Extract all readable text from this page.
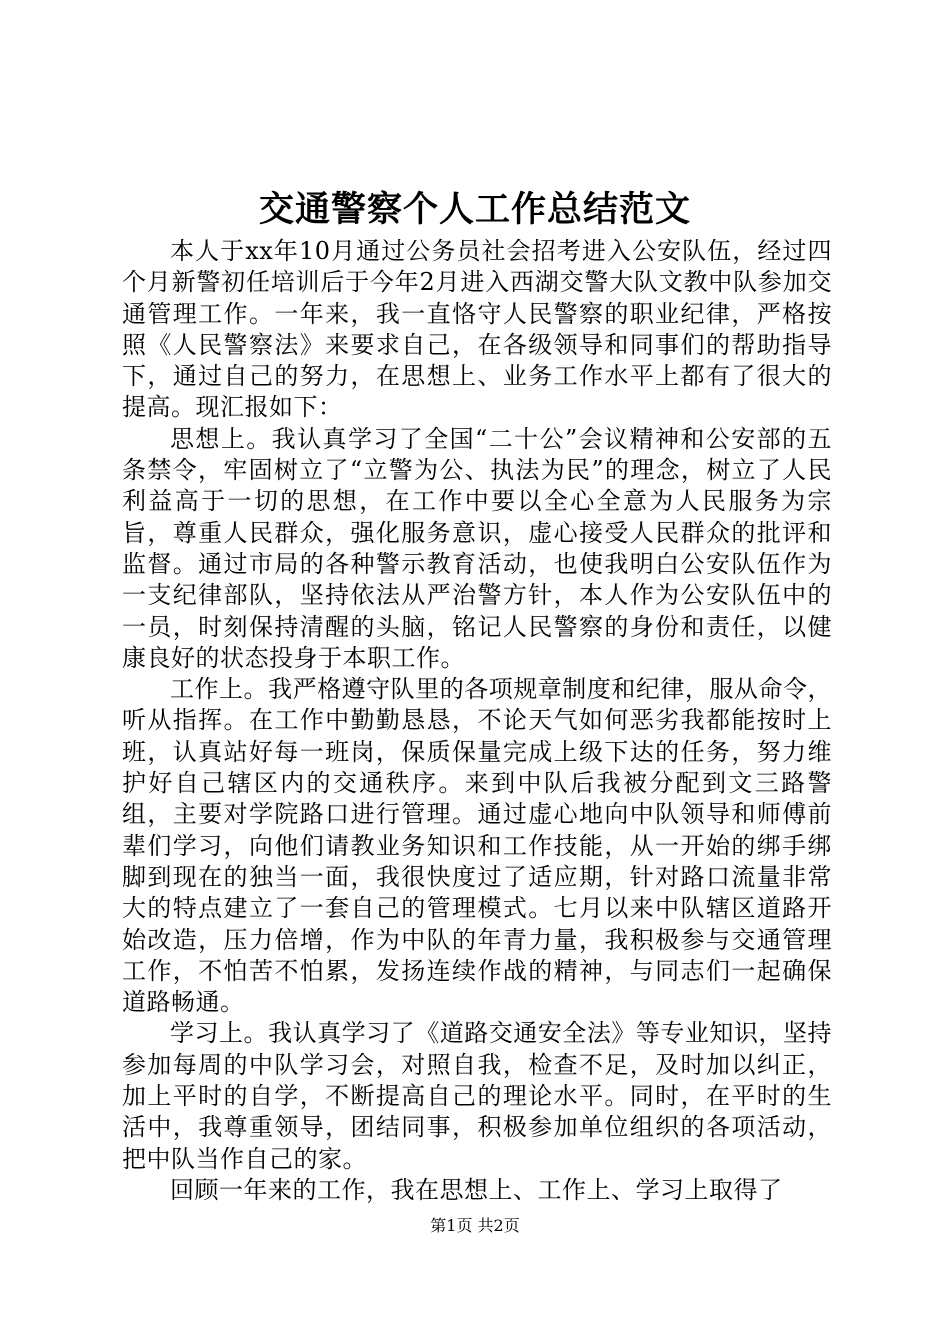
交通警察个人工作总结范文

本人于xx年10月通过公务员社会招考进入公安队伍，经过四个月新警初任培训后于今年2月进入西湖交警大队文教中队参加交通管理工作。一年来，我一直恪守人民警察的职业纪律，严格按照《人民警察法》来要求自己，在各级领导和同事们的帮助指导下，通过自己的努力，在思想上、业务工作水平上都有了很大的提高。现汇报如下：

思想上。我认真学习了全国“二十公”会议精神和公安部的五条禁令，牢固树立了“立警为公、执法为民”的理念，树立了人民利益高于一切的思想，在工作中要以全心全意为人民服务为宗旨，尊重人民群众，强化服务意识，虚心接受人民群众的批评和监督。通过市局的各种警示教育活动，也使我明白公安队伍作为一支纪律部队，坚持依法从严治警方针，本人作为公安队伍中的一员，时刻保持清醒的头脑，铭记人民警察的身份和责任，以健康良好的状态投身于本职工作。

工作上。我严格遵守队里的各项规章制度和纪律，服从命令，听从指挥。在工作中勤勤恳恳，不论天气如何恶劣我都能按时上班，认真站好每一班岗，保质保量完成上级下达的任务，努力维护好自己辖区内的交通秩序。来到中队后我被分配到文三路警组，主要对学院路口进行管理。通过虚心地向中队领导和师傅前辈们学习，向他们请教业务知识和工作技能，从一开始的绑手绑脚到现在的独当一面，我很快度过了适应期，针对路口流量非常大的特点建立了一套自己的管理模式。七月以来中队辖区道路开始改造，压力倍增，作为中队的年青力量，我积极参与交通管理工作，不怕苦不怕累，发扬连续作战的精神，与同志们一起确保道路畅通。

学习上。我认真学习了《道路交通安全法》等专业知识，坚持参加每周的中队学习会，对照自我，检查不足，及时加以纠正，加上平时的自学，不断提高自己的理论水平。同时，在平时的生活中，我尊重领导，团结同事，积极参加单位组织的各项活动，把中队当作自己的家。

回顾一年来的工作，我在思想上、工作上、学习上取得了

第1页 共2页
